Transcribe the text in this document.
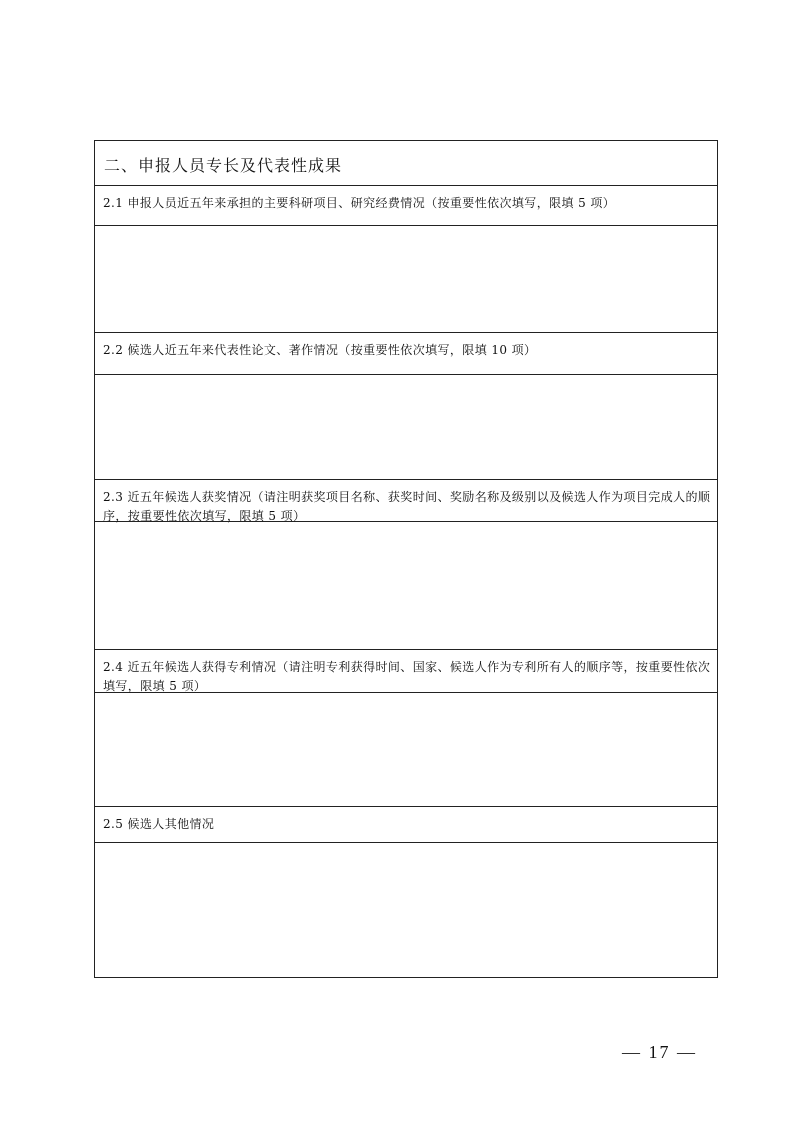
二、申报人员专长及代表性成果
2.1 申报人员近五年来承担的主要科研项目、研究经费情况（按重要性依次填写，限填 5 项）
2.2 候选人近五年来代表性论文、著作情况（按重要性依次填写，限填 10 项）
2.3 近五年候选人获奖情况（请注明获奖项目名称、获奖时间、奖励名称及级别以及候选人作为项目完成人的顺序，按重要性依次填写，限填 5 项）
2.4 近五年候选人获得专利情况（请注明专利获得时间、国家、候选人作为专利所有人的顺序等，按重要性依次填写，限填 5 项）
2.5 候选人其他情况
— 17 —
